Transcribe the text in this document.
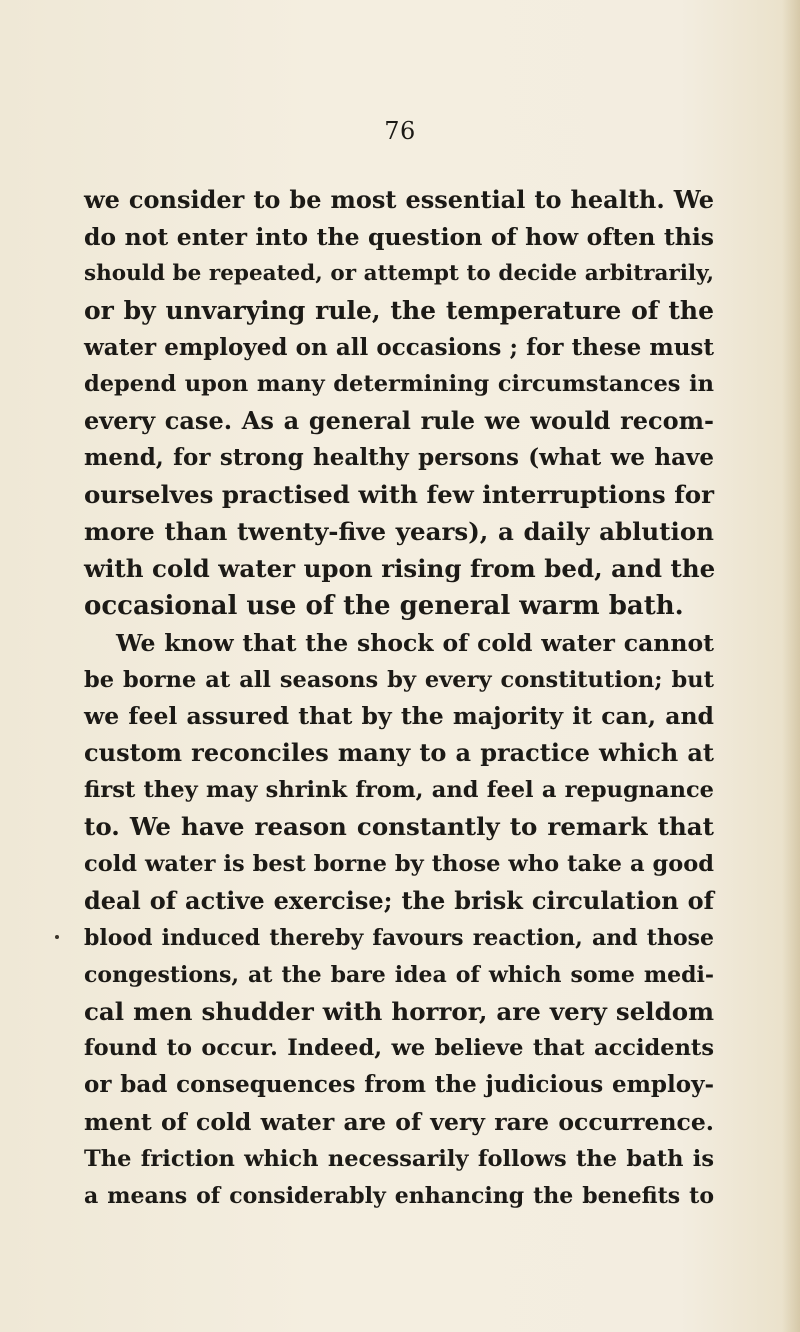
76
we consider to be most essential to health. We
do not enter into the question of how often this
should be repeated, or attempt to decide arbitrarily,
or by unvarying rule, the temperature of the
water employed on all occasions ; for these must
depend upon many determining circumstances in
every case. As a general rule we would recom-
mend, for strong healthy persons (what we have
ourselves practised with few interruptions for
more than twenty-five years), a daily ablution
with cold water upon rising from bed, and the
occasional use of the general warm bath.
We know that the shock of cold water cannot
be borne at all seasons by every constitution; but
we feel assured that by the majority it can, and
custom reconciles many to a practice which at
first they may shrink from, and feel a repugnance
to. We have reason constantly to remark that
cold water is best borne by those who take a good
deal of active exercise; the brisk circulation of
blood induced thereby favours reaction, and those
congestions, at the bare idea of which some medi-
cal men shudder with horror, are very seldom
found to occur. Indeed, we believe that accidents
or bad consequences from the judicious employ-
ment of cold water are of very rare occurrence.
The friction which necessarily follows the bath is
a means of considerably enhancing the benefits to
